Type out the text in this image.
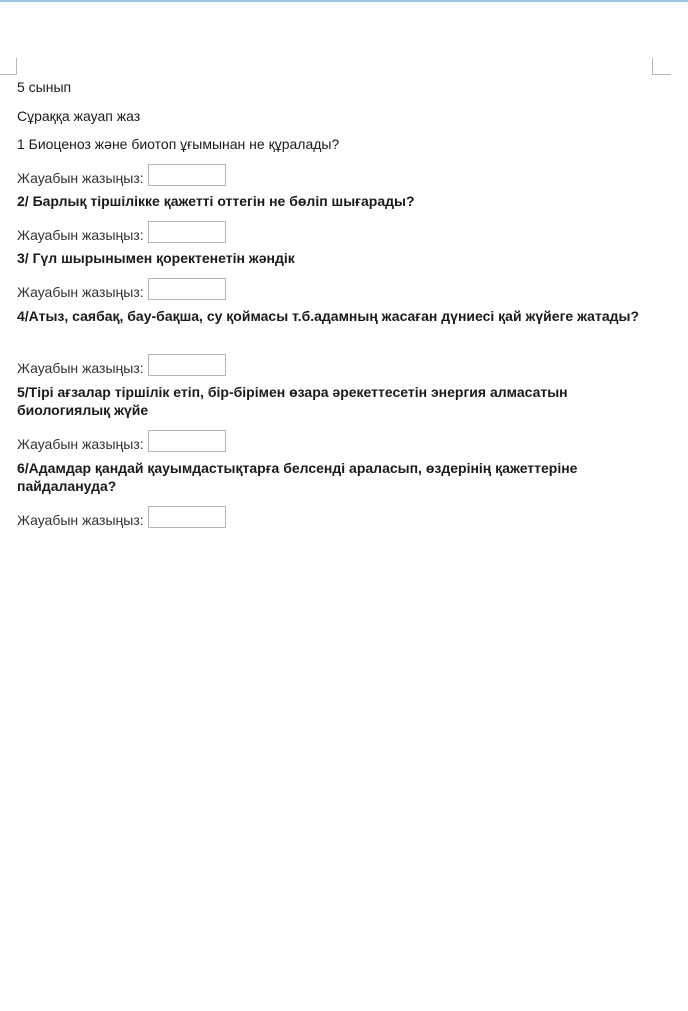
5 сынып
Сұраққа жауап жаз
1 Биоценоз және биотоп ұғымынан не құралады?
Жауабын жазыңыз:
2/ Барлық тіршілікке қажетті оттегін не бөліп шығарады?
Жауабын жазыңыз:
3/ Гүл шырынымен қоректенетін жәндік
Жауабын жазыңыз:
4/Атыз, саябақ, бау-бақша, су қоймасы т.б.адамның жасаған дүниесі қай жүйеге жатады?
Жауабын жазыңыз:
5/Тірі ағзалар тіршілік етіп, бір-бірімен өзара әрекеттесетін энергия алмасатын биологиялық жүйе
Жауабын жазыңыз:
6/Адамдар қандай қауымдастықтарға белсенді араласып, өздерінің қажеттеріне пайдалануда?
Жауабын жазыңыз:
